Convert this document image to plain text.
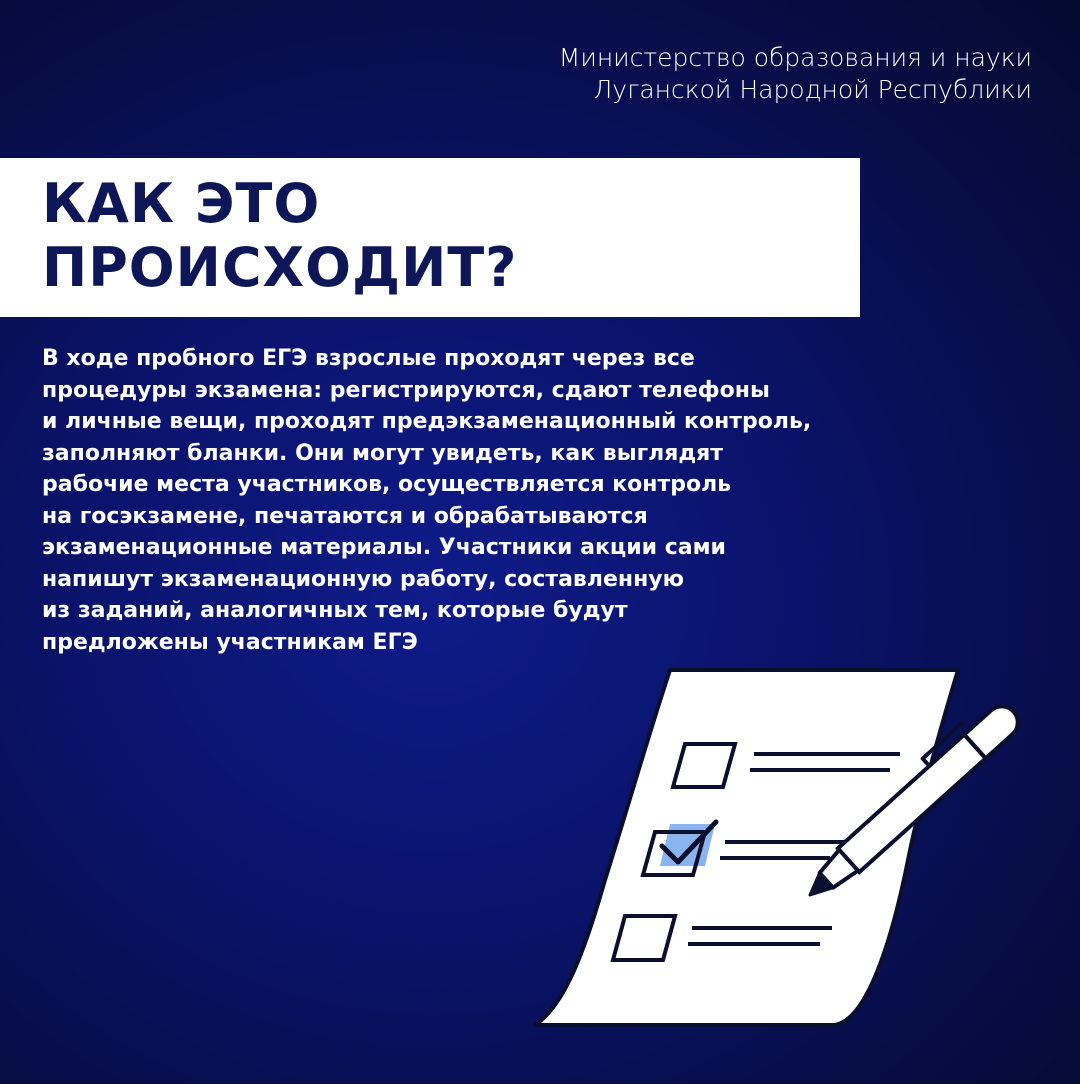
Министерство образования и науки
Луганской Народной Республики
КАК ЭТО
ПРОИСХОДИТ?
В ходе пробного ЕГЭ взрослые проходят через все
процедуры экзамена: регистрируются, сдают телефоны
и личные вещи, проходят предэкзаменационный контроль,
заполняют бланки. Они могут увидеть, как выглядят
рабочие места участников, осуществляется контроль
на госэкзамене, печатаются и обрабатываются
экзаменационные материалы. Участники акции сами
напишут экзаменационную работу, составленную
из заданий, аналогичных тем, которые будут
предложены участникам ЕГЭ
